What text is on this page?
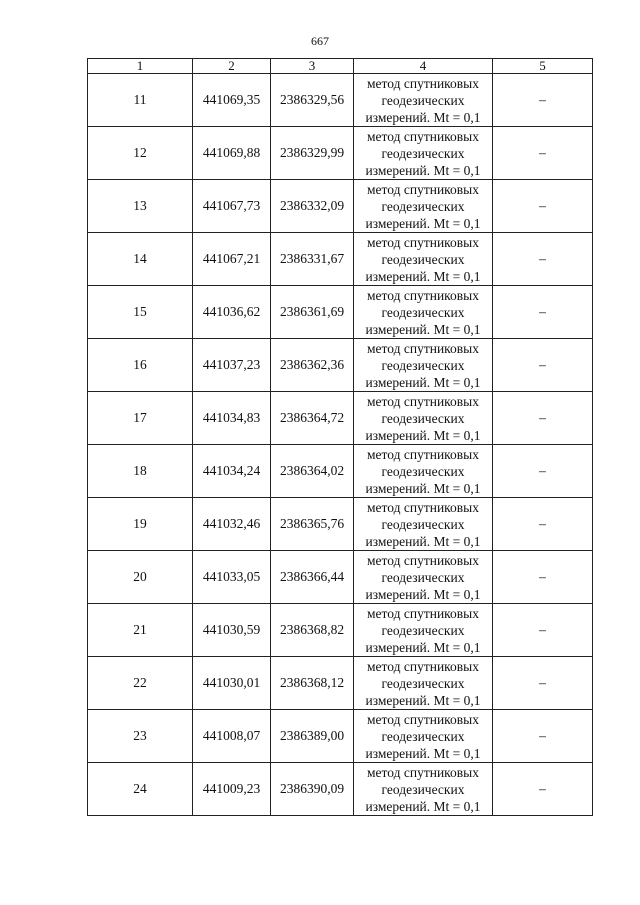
667
1	2	3	4	5
11	441069,35	2386329,56	метод спутниковых
геодезических
измерений. Mt = 0,1	–
12	441069,88	2386329,99	метод спутниковых
геодезических
измерений. Mt = 0,1	–
13	441067,73	2386332,09	метод спутниковых
геодезических
измерений. Mt = 0,1	–
14	441067,21	2386331,67	метод спутниковых
геодезических
измерений. Mt = 0,1	–
15	441036,62	2386361,69	метод спутниковых
геодезических
измерений. Mt = 0,1	–
16	441037,23	2386362,36	метод спутниковых
геодезических
измерений. Mt = 0,1	–
17	441034,83	2386364,72	метод спутниковых
геодезических
измерений. Mt = 0,1	–
18	441034,24	2386364,02	метод спутниковых
геодезических
измерений. Mt = 0,1	–
19	441032,46	2386365,76	метод спутниковых
геодезических
измерений. Mt = 0,1	–
20	441033,05	2386366,44	метод спутниковых
геодезических
измерений. Mt = 0,1	–
21	441030,59	2386368,82	метод спутниковых
геодезических
измерений. Mt = 0,1	–
22	441030,01	2386368,12	метод спутниковых
геодезических
измерений. Mt = 0,1	–
23	441008,07	2386389,00	метод спутниковых
геодезических
измерений. Mt = 0,1	–
24	441009,23	2386390,09	метод спутниковых
геодезических
измерений. Mt = 0,1	–
